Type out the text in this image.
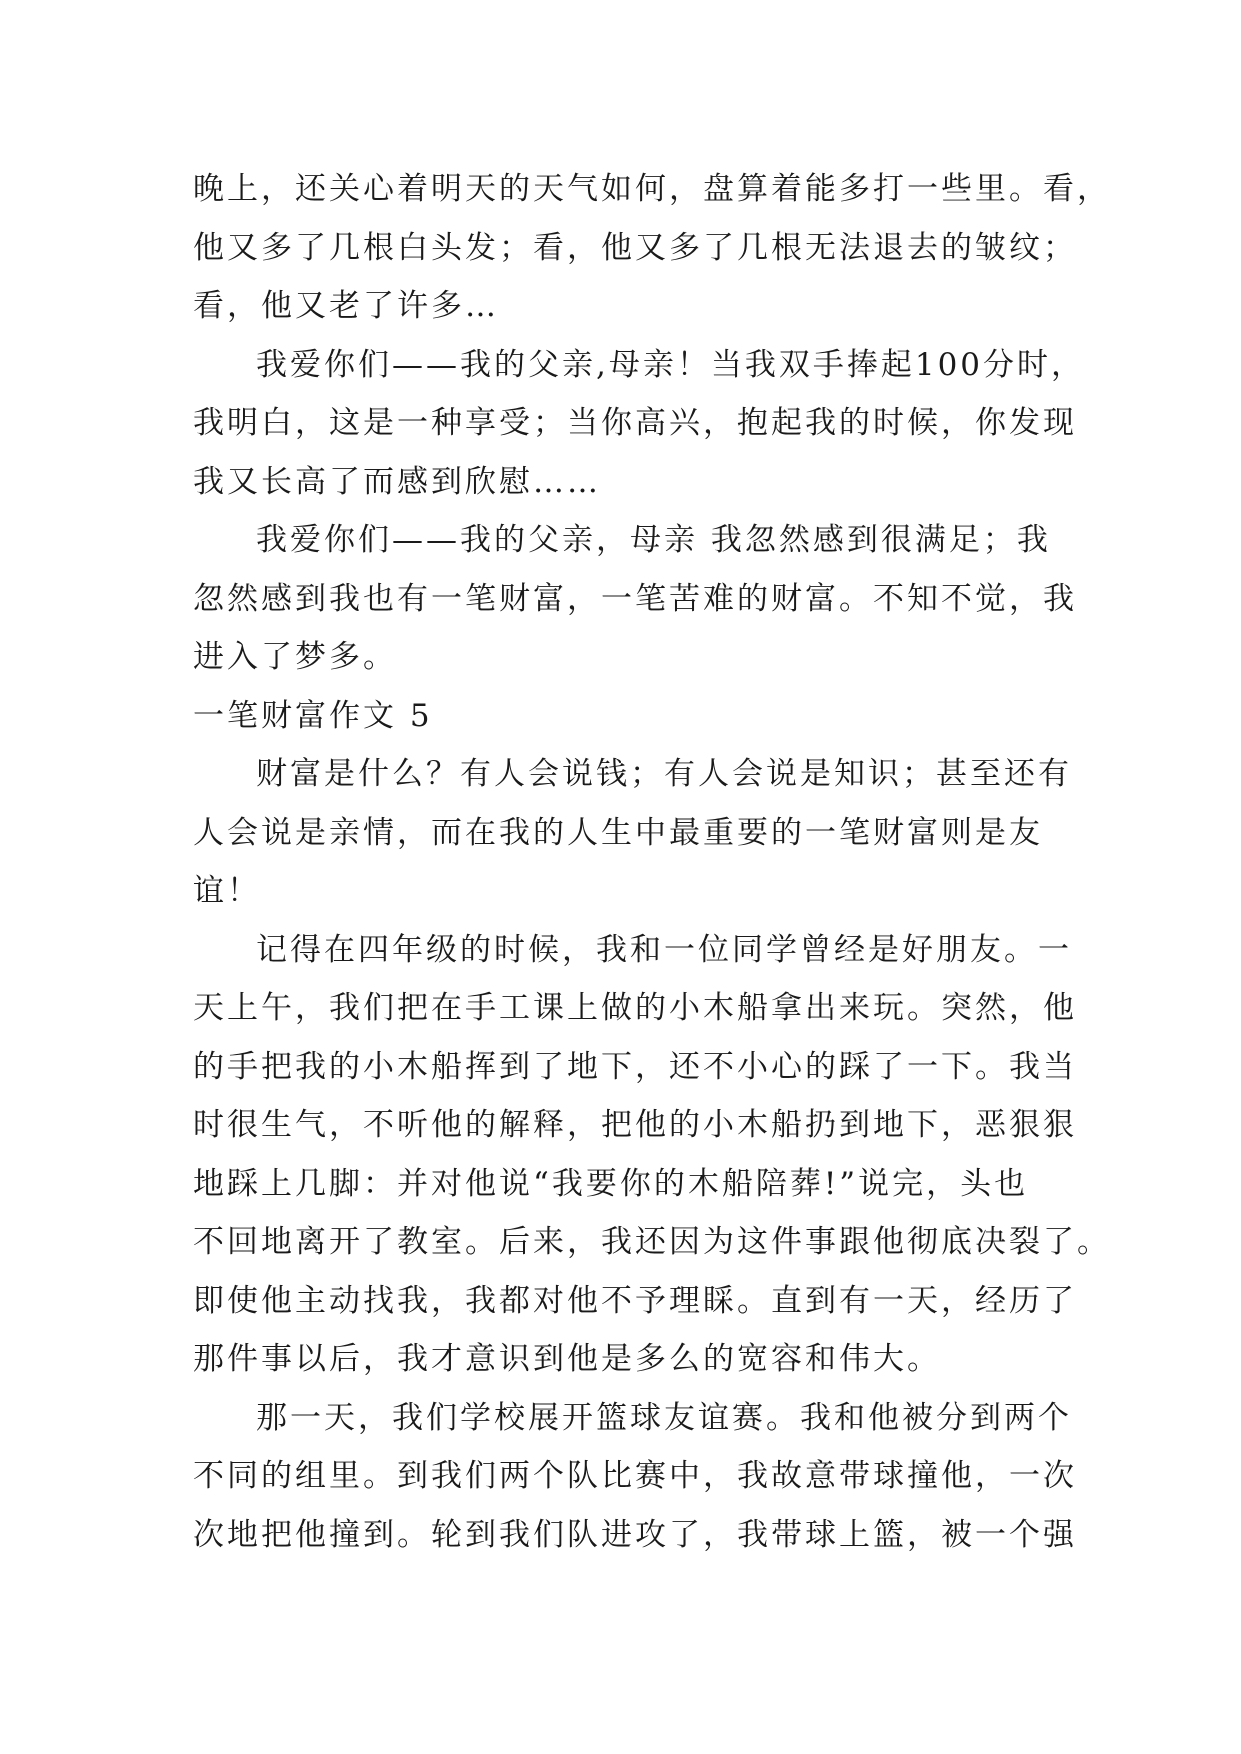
晚上，还关心着明天的天气如何，盘算着能多打一些里。看，
他又多了几根白头发；看，他又多了几根无法退去的皱纹；
看，他又老了许多…
我爱你们——我的父亲,母亲！当我双手捧起100分时，
我明白，这是一种享受；当你高兴，抱起我的时候，你发现
我又长高了而感到欣慰……
我爱你们——我的父亲，母亲 我忽然感到很满足；我
忽然感到我也有一笔财富，一笔苦难的财富。不知不觉，我
进入了梦多。
一笔财富作文 5
财富是什么？有人会说钱；有人会说是知识；甚至还有
人会说是亲情，而在我的人生中最重要的一笔财富则是友
谊！
记得在四年级的时候，我和一位同学曾经是好朋友。一
天上午，我们把在手工课上做的小木船拿出来玩。突然，他
的手把我的小木船挥到了地下，还不小心的踩了一下。我当
时很生气，不听他的解释，把他的小木船扔到地下，恶狠狠
地踩上几脚：并对他说“我要你的木船陪葬!”说完，头也
不回地离开了教室。后来，我还因为这件事跟他彻底决裂了。
即使他主动找我，我都对他不予理睬。直到有一天，经历了
那件事以后，我才意识到他是多么的宽容和伟大。
那一天，我们学校展开篮球友谊赛。我和他被分到两个
不同的组里。到我们两个队比赛中，我故意带球撞他，一次
次地把他撞到。轮到我们队进攻了，我带球上篮，被一个强
